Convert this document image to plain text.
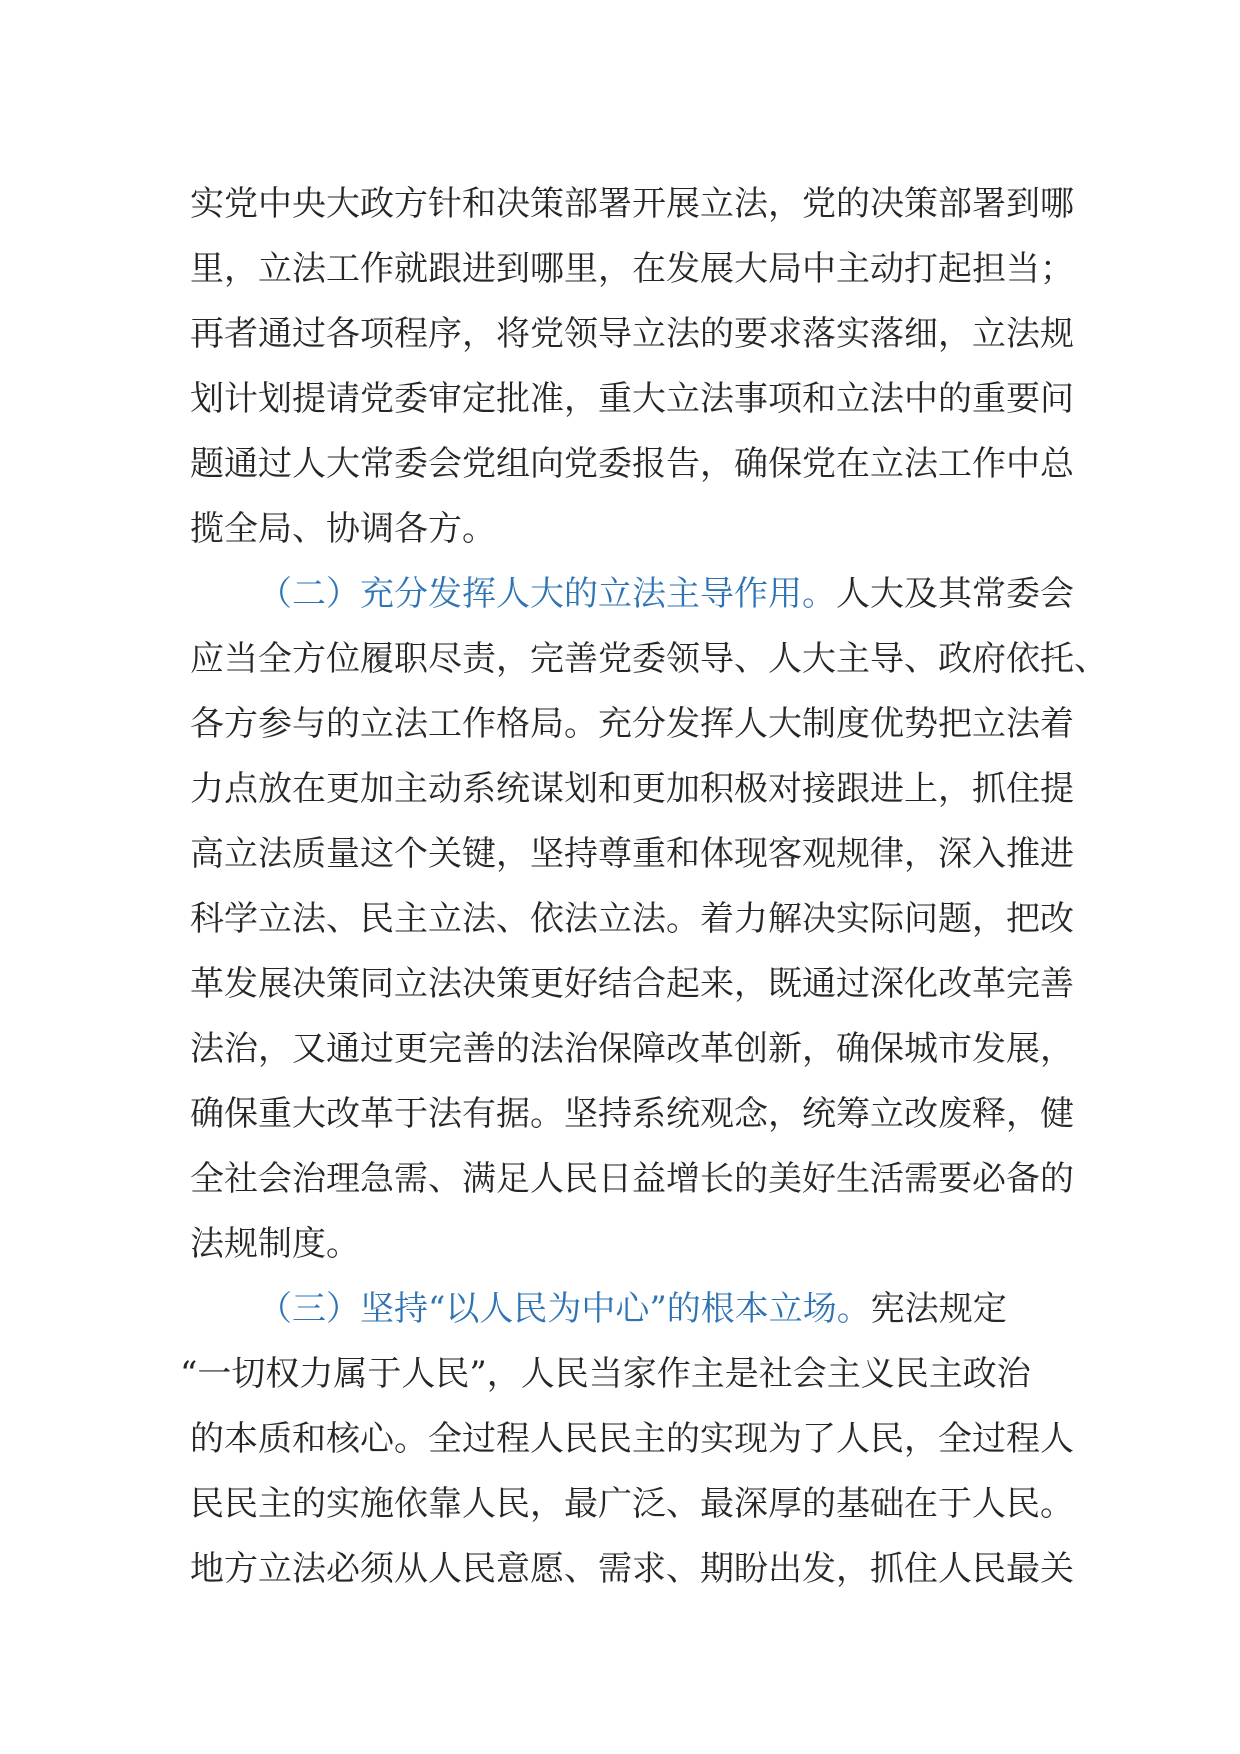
实党中央大政方针和决策部署开展立法，党的决策部署到哪
里，立法工作就跟进到哪里，在发展大局中主动打起担当；
再者通过各项程序，将党领导立法的要求落实落细，立法规
划计划提请党委审定批准，重大立法事项和立法中的重要问
题通过人大常委会党组向党委报告，确保党在立法工作中总
揽全局、协调各方。

（二）充分发挥人大的立法主导作用。人大及其常委会
应当全方位履职尽责，完善党委领导、人大主导、政府依托、
各方参与的立法工作格局。充分发挥人大制度优势把立法着
力点放在更加主动系统谋划和更加积极对接跟进上，抓住提
高立法质量这个关键，坚持尊重和体现客观规律，深入推进
科学立法、民主立法、依法立法。着力解决实际问题，把改
革发展决策同立法决策更好结合起来，既通过深化改革完善
法治，又通过更完善的法治保障改革创新，确保城市发展，
确保重大改革于法有据。坚持系统观念，统筹立改废释，健
全社会治理急需、满足人民日益增长的美好生活需要必备的
法规制度。

（三）坚持“以人民为中心”的根本立场。宪法规定
“一切权力属于人民”，人民当家作主是社会主义民主政治
的本质和核心。全过程人民民主的实现为了人民，全过程人
民民主的实施依靠人民，最广泛、最深厚的基础在于人民。
地方立法必须从人民意愿、需求、期盼出发，抓住人民最关
